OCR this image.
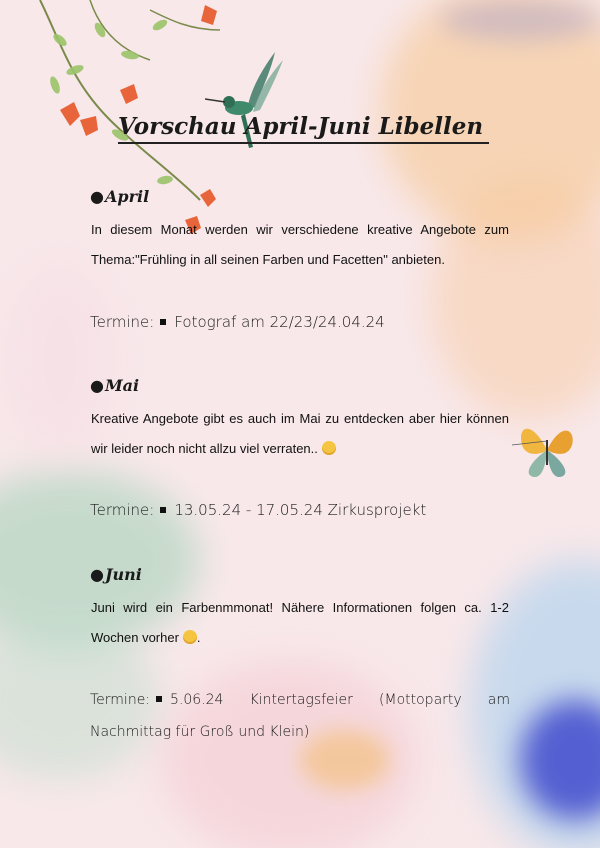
Vorschau April-Juni Libellen
●April

In diesem Monat werden wir verschiedene kreative Angebote zum Thema:"Frühling in all seinen Farben und Facetten" anbieten.

Termine: Fotograf am 22/23/24.04.24

●Mai

Kreative Angebote gibt es auch im Mai zu entdecken aber hier können wir leider noch nicht allzu viel verraten..

Termine: 13.05.24 - 17.05.24 Zirkusprojekt

●Juni

Juni wird ein Farbenmmonat! Nähere Informationen folgen ca. 1-2 Wochen vorher .

Termine: 5.06.24 Kintertagsfeier (Mottoparty am Nachmittag für Groß und Klein)
